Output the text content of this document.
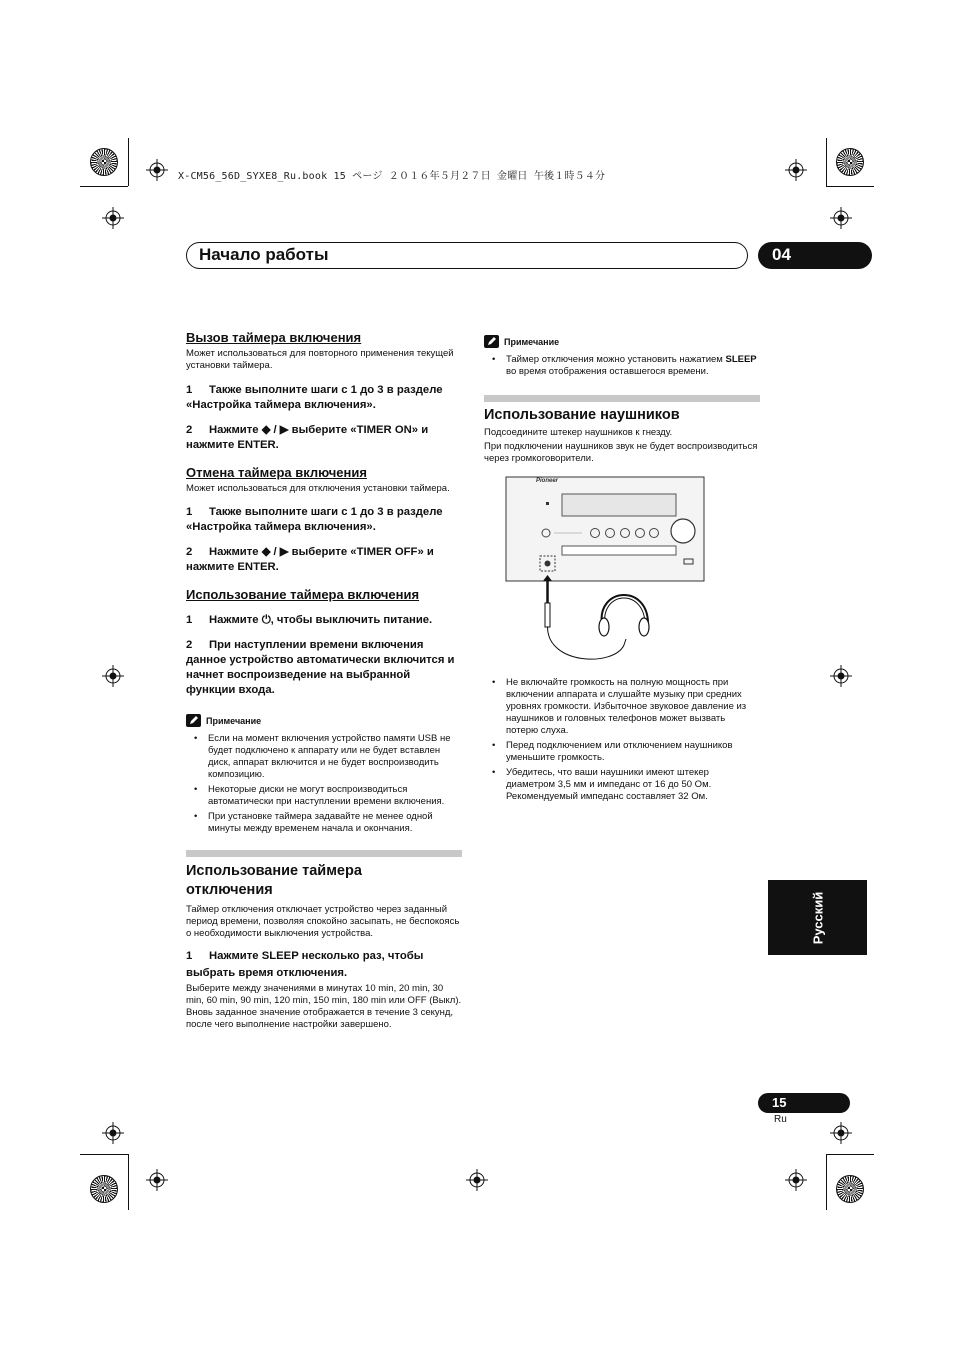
X-CM56_56D_SYXE8_Ru.book 15 ページ ２０１６年５月２７日 金曜日 午後１時５４分
Начало работы	04
Вызов таймера включения
Может использоваться для повторного применения текущей установки таймера.
1 Также выполните шаги с 1 до 3 в разделе «Настройка таймера включения».
2 Нажмите ◆ / ▶ выберите «TIMER ON» и нажмите ENTER.
Отмена таймера включения
Может использоваться для отключения установки таймера.
1 Также выполните шаги с 1 до 3 в разделе «Настройка таймера включения».
2 Нажмите ◆ / ▶ выберите «TIMER OFF» и нажмите ENTER.
Использование таймера включения
1 Нажмите ⏻, чтобы выключить питание.
2 При наступлении времени включения данное устройство автоматически включится и начнет воспроизведение на выбранной функции входа.
Примечание
• Если на момент включения устройство памяти USB не будет подключено к аппарату или не будет вставлен диск, аппарат включится и не будет воспроизводить композицию.
• Некоторые диски не могут воспроизводиться автоматически при наступлении времени включения.
• При установке таймера задавайте не менее одной минуты между временем начала и окончания.
Использование таймера отключения
Таймер отключения отключает устройство через заданный период времени, позволяя спокойно засыпать, не беспокоясь о необходимости выключения устройства.
1 Нажмите SLEEP несколько раз, чтобы выбрать время отключения.
Выберите между значениями в минутах 10 min, 20 min, 30 min, 60 min, 90 min, 120 min, 150 min, 180 min или OFF (Выкл). Вновь заданное значение отображается в течение 3 секунд, после чего выполнение настройки завершено.
Примечание
• Таймер отключения можно установить нажатием SLEEP во время отображения оставшегося времени.
Использование наушников
Подсоедините штекер наушников к гнезду.
При подключении наушников звук не будет воспроизводиться через громкоговорители.
Pioneer
• Не включайте громкость на полную мощность при включении аппарата и слушайте музыку при средних уровнях громкости. Избыточное звуковое давление из наушников и головных телефонов может вызвать потерю слуха.
• Перед подключением или отключением наушников уменьшите громкость.
• Убедитесь, что ваши наушники имеют штекер диаметром 3,5 мм и импеданс от 16 до 50 Ом. Рекомендуемый импеданс составляет 32 Ом.
Русский
15
Ru
